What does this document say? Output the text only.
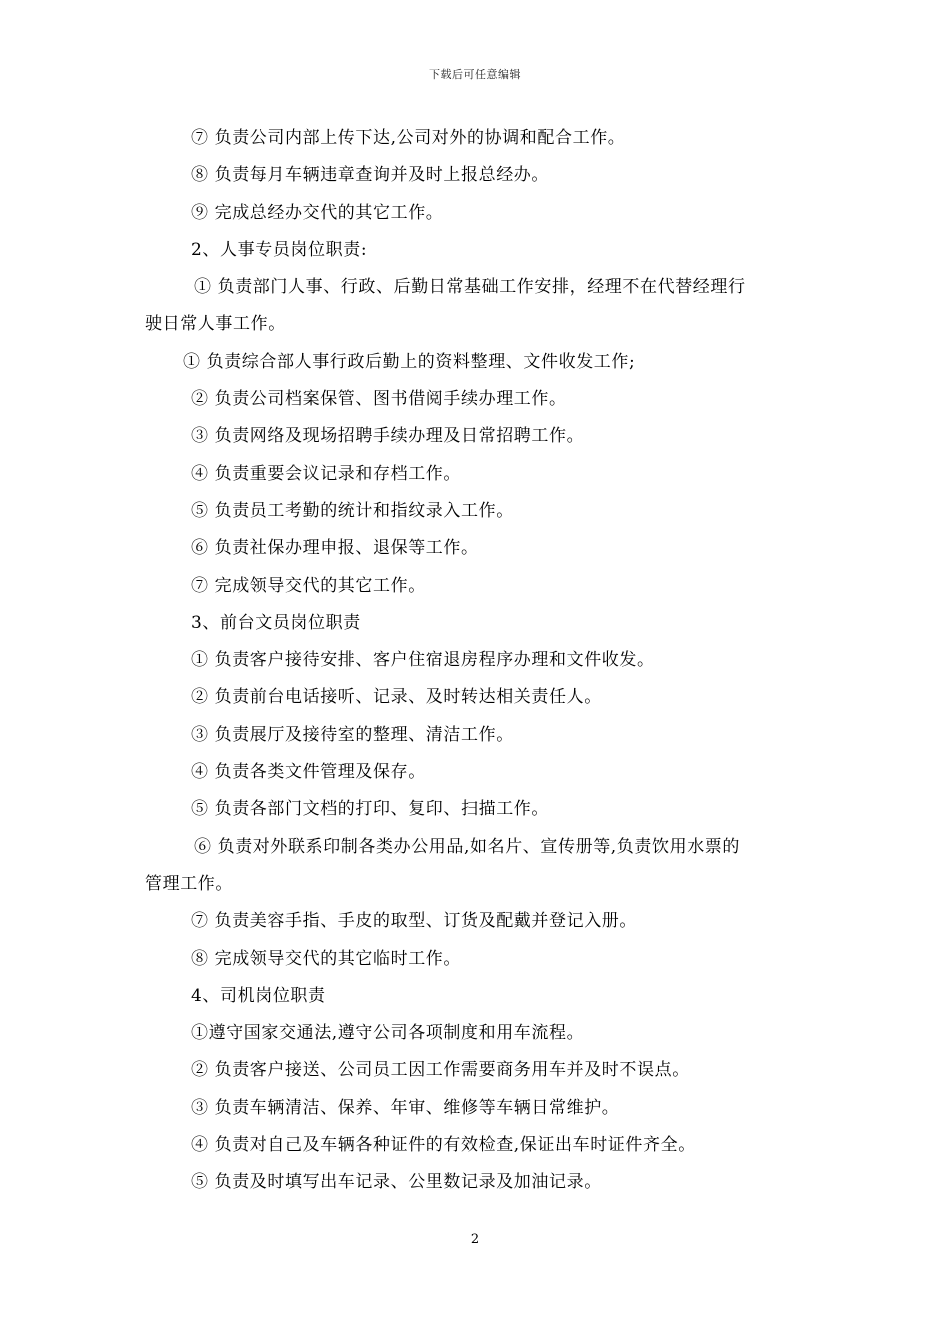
下载后可任意编辑
⑦ 负责公司内部上传下达,公司对外的协调和配合工作。
⑧ 负责每月车辆违章查询并及时上报总经办。
⑨ 完成总经办交代的其它工作。
2、人事专员岗位职责:
① 负责部门人事、行政、后勤日常基础工作安排，经理不在代替经理行
驶日常人事工作。
① 负责综合部人事行政后勤上的资料整理、文件收发工作;
② 负责公司档案保管、图书借阅手续办理工作。
③ 负责网络及现场招聘手续办理及日常招聘工作。
④ 负责重要会议记录和存档工作。
⑤ 负责员工考勤的统计和指纹录入工作。
⑥ 负责社保办理申报、退保等工作。
⑦ 完成领导交代的其它工作。
3、前台文员岗位职责
① 负责客户接待安排、客户住宿退房程序办理和文件收发。
② 负责前台电话接听、记录、及时转达相关责任人。
③ 负责展厅及接待室的整理、清洁工作。
④ 负责各类文件管理及保存。
⑤ 负责各部门文档的打印、复印、扫描工作。
⑥ 负责对外联系印制各类办公用品,如名片、宣传册等,负责饮用水票的
管理工作。
⑦ 负责美容手指、手皮的取型、订货及配戴并登记入册。
⑧ 完成领导交代的其它临时工作。
4、司机岗位职责
①遵守国家交通法,遵守公司各项制度和用车流程。
② 负责客户接送、公司员工因工作需要商务用车并及时不误点。
③ 负责车辆清洁、保养、年审、维修等车辆日常维护。
④ 负责对自己及车辆各种证件的有效检查,保证出车时证件齐全。
⑤ 负责及时填写出车记录、公里数记录及加油记录。
2
